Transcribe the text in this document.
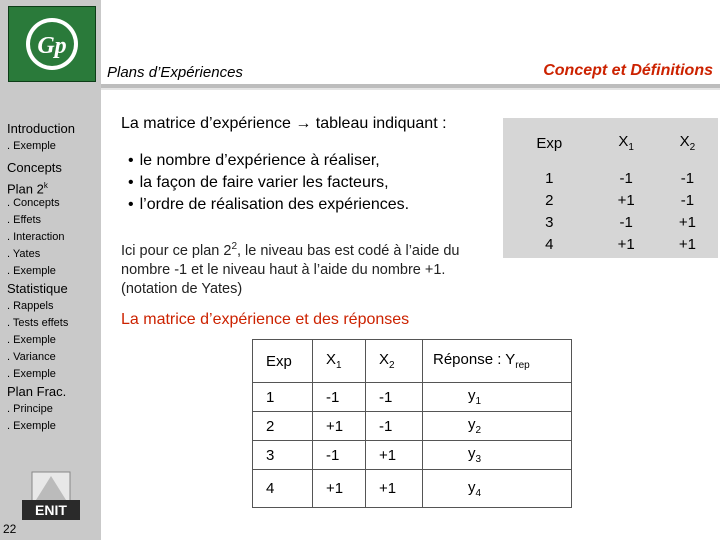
Gp
Introduction
. Exemple
Concepts
Plan 2$^k$
. Concepts
. Effets
. Interaction
. Yates
. Exemple
Statistique
. Rappels
. Tests effets
. Exemple
. Variance
. Exemple
Plan Frac.
. Principe
. Exemple
ENIT
22
Plans d’Expériences	Concept et Définitions
La matrice d’expérience → tableau indiquant :
• le nombre d’expérience à réaliser,
• la façon de faire varier les facteurs,
• l’ordre de réalisation des expériences.
Ici pour ce plan $2^2$, le niveau bas est codé à l’aide du nombre -1 et le niveau haut à l’aide du nombre +1. (notation de Yates)
La matrice d’expérience et des réponses
Exp	$X_1$	$X_2$
1	-1	-1
2	+1	-1
3	-1	+1
4	+1	+1
Exp	$X_1$	$X_2$	Réponse : $Y_{rep}$
1	-1	-1	$y_1$
2	+1	-1	$y_2$
3	-1	+1	$y_3$
4	+1	+1	$y_4$
